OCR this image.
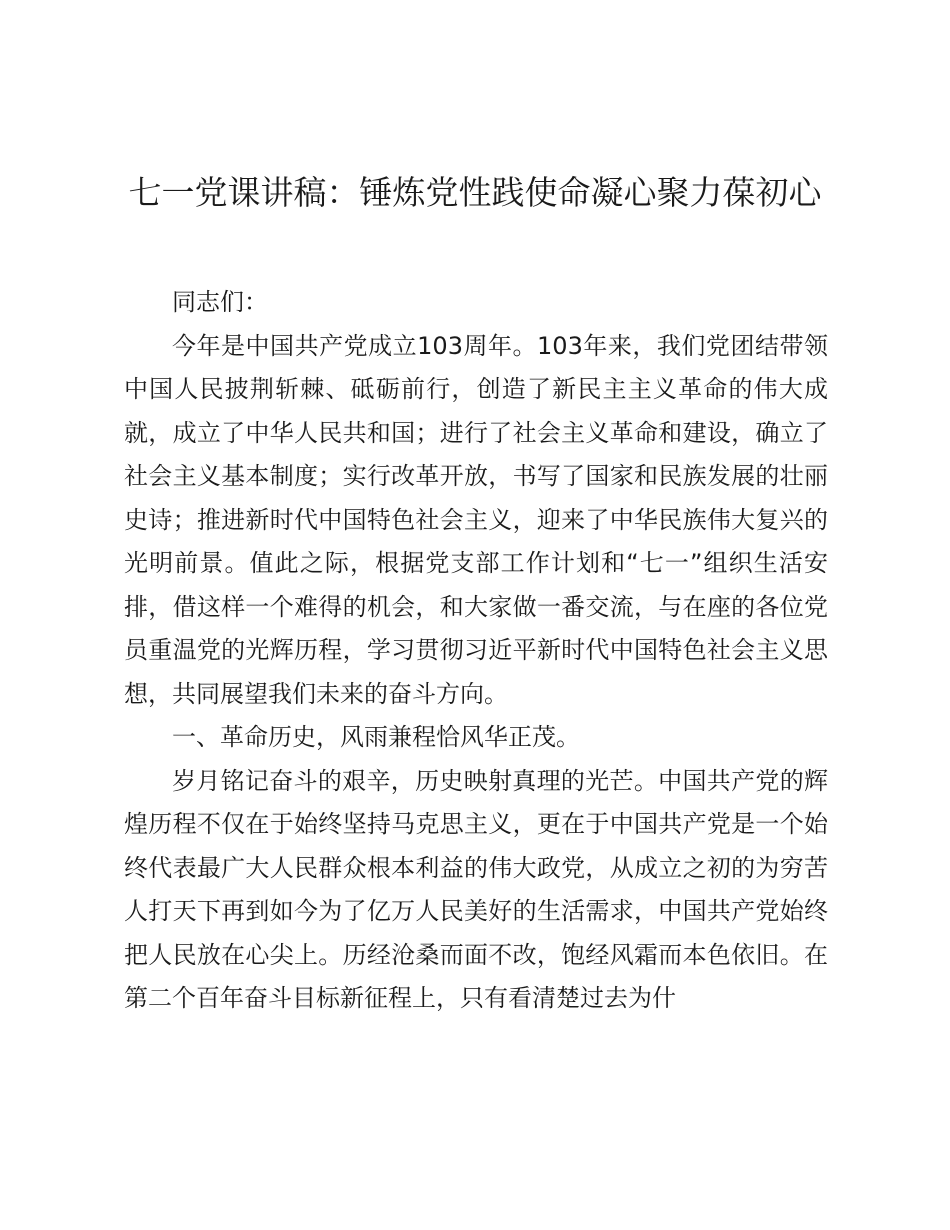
七一党课讲稿：锤炼党性践使命凝心聚力葆初心

同志们：

今年是中国共产党成立103周年。103年来，我们党团结带领中国人民披荆斩棘、砥砺前行，创造了新民主主义革命的伟大成就，成立了中华人民共和国；进行了社会主义革命和建设，确立了社会主义基本制度；实行改革开放，书写了国家和民族发展的壮丽史诗；推进新时代中国特色社会主义，迎来了中华民族伟大复兴的光明前景。值此之际，根据党支部工作计划和“七一”组织生活安排，借这样一个难得的机会，和大家做一番交流，与在座的各位党员重温党的光辉历程，学习贯彻习近平新时代中国特色社会主义思想，共同展望我们未来的奋斗方向。

一、革命历史，风雨兼程恰风华正茂。

岁月铭记奋斗的艰辛，历史映射真理的光芒。中国共产党的辉煌历程不仅在于始终坚持马克思主义，更在于中国共产党是一个始终代表最广大人民群众根本利益的伟大政党，从成立之初的为穷苦人打天下再到如今为了亿万人民美好的生活需求，中国共产党始终把人民放在心尖上。历经沧桑而面不改，饱经风霜而本色依旧。在第二个百年奋斗目标新征程上，只有看清楚过去为什
